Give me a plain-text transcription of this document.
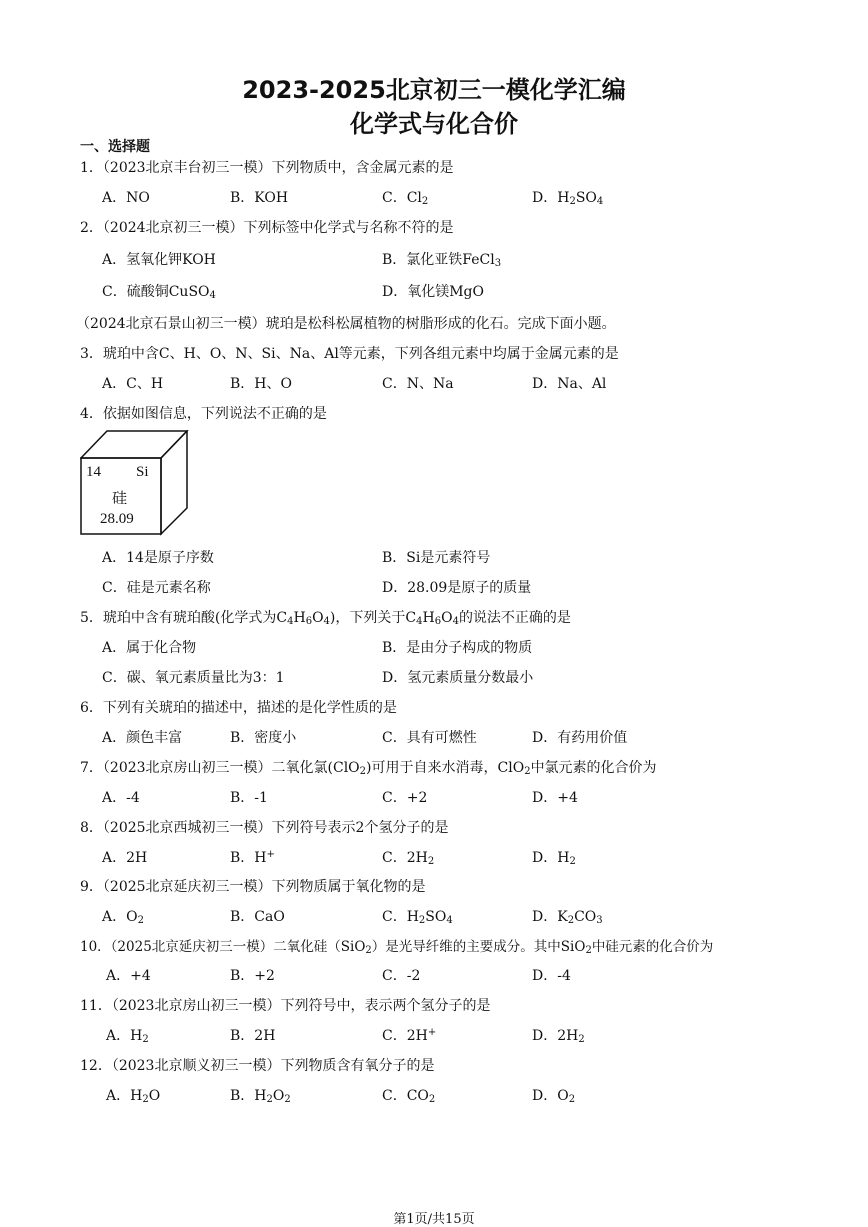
2023-2025北京初三一模化学汇编
化学式与化合价
一、选择题
1．（2023北京丰台初三一模）下列物质中，含金属元素的是
A．NO	B．KOH	C．$Cl_2$	D．$H_2SO_4$
2．（2024北京初三一模）下列标签中化学式与名称不符的是
A．氢氧化钾KOH	B．氯化亚铁FeCl$_3$
C．硫酸铜CuSO$_4$	D．氧化镁MgO
（2024北京石景山初三一模）琥珀是松科松属植物的树脂形成的化石。完成下面小题。
3．琥珀中含C、H、O、N、Si、Na、Al等元素，下列各组元素中均属于金属元素的是
A．C、H	B．H、O	C．N、Na	D．Na、Al
4．依据如图信息，下列说法不正确的是
14 Si
硅
28.09
A．14是原子序数	B．Si是元素符号
C．硅是元素名称	D．28.09是原子的质量
5．琥珀中含有琥珀酸(化学式为$C_4H_6O_4$)，下列关于$C_4H_6O_4$的说法不正确的是
A．属于化合物	B．是由分子构成的物质
C．碳、氧元素质量比为3：1	D．氢元素质量分数最小
6．下列有关琥珀的描述中，描述的是化学性质的是
A．颜色丰富	B．密度小	C．具有可燃性	D．有药用价值
7．（2023北京房山初三一模）二氧化氯(ClO$_2$)可用于自来水消毒，ClO$_2$中氯元素的化合价为
A．-4	B．-1	C．+2	D．+4
8．（2025北京西城初三一模）下列符号表示2个氢分子的是
A．2H	B．H+	C．$2H_2$	D．$H_2$
9．（2025北京延庆初三一模）下列物质属于氧化物的是
A．$O_2$	B．CaO	C．$H_2SO_4$	D．$K_2CO_3$
10．（2025北京延庆初三一模）二氧化硅（SiO$_2$）是光导纤维的主要成分。其中SiO$_2$中硅元素的化合价为
A．+4	B．+2	C．-2	D．-4
11．（2023北京房山初三一模）下列符号中，表示两个氢分子的是
A．$H_2$	B．2H	C．2H+	D．$2H_2$
12．（2023北京顺义初三一模）下列物质含有氧分子的是
A．$H_2O$	B．$H_2O_2$	C．$CO_2$	D．$O_2$
第1页/共15页
